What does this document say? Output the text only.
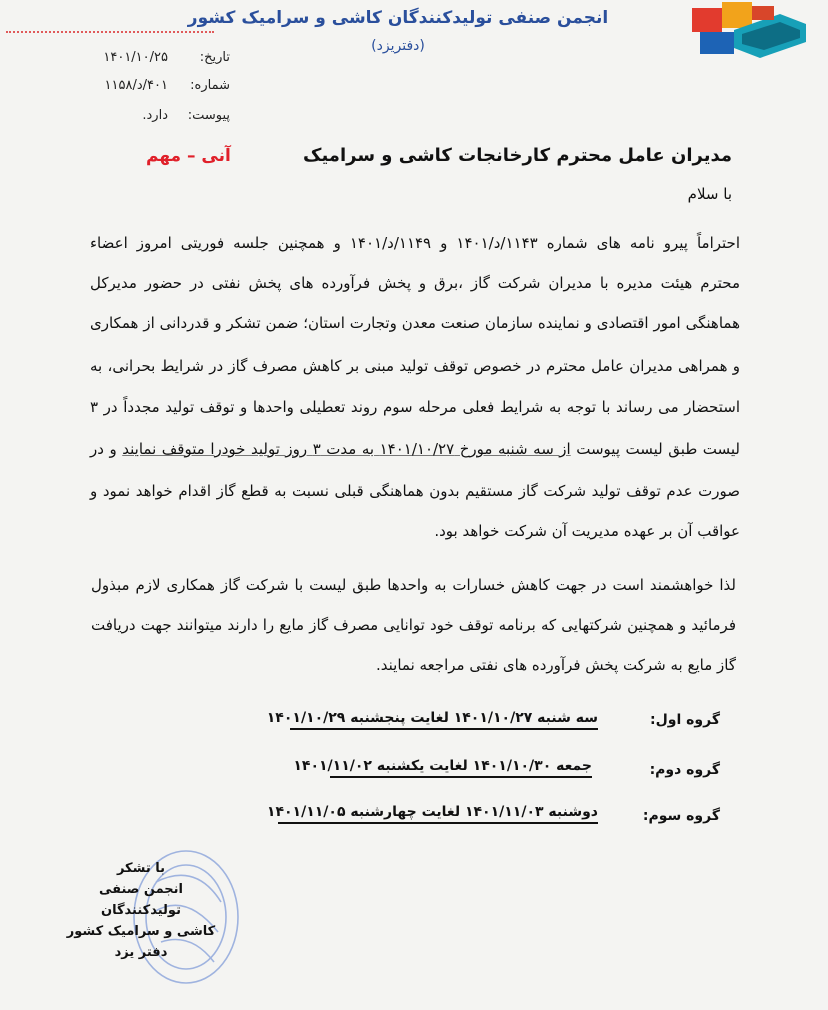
انجمن صنفی تولیدکنندگان کاشی و سرامیک کشور
(دفتریزد)
تاریخ:
۱۴۰۱/۱۰/۲۵
شماره:
۴۰۱/د/۱۱۵۸
پیوست:
دارد.
آنی – مهم	مدیران عامل محترم کارخانجات کاشی و سرامیک
با سلام
احتراماً پیرو نامه های شماره ۱۱۴۳/د/۱۴۰۱ و ۱۱۴۹/د/۱۴۰۱ و همچنین جلسه فوریتی امروز اعضاء
محترم هیئت مدیره با مدیران شرکت گاز ،برق و پخش فرآورده های پخش نفتی در حضور مدیرکل
هماهنگی امور اقتصادی و نماینده سازمان صنعت معدن وتجارت استان؛ ضمن تشکر و قدردانی از همکاری
و همراهی مدیران عامل محترم در خصوص توقف تولید مبنی بر کاهش مصرف گاز در شرایط بحرانی، به
استحضار می رساند با توجه به شرایط فعلی مرحله سوم روند تعطیلی واحدها و توقف تولید مجدداً در ۳
لیست طبق لیست پیوست از سه شنبه مورخ ۱۴۰۱/۱۰/۲۷ به مدت ۳ روز تولید خودرا متوقف نمایند و در
صورت عدم توقف تولید شرکت گاز مستقیم بدون هماهنگی قبلی نسبت به قطع گاز اقدام خواهد نمود و
عواقب آن بر عهده مدیریت آن شرکت خواهد بود.
لذا خواهشمند است در جهت کاهش خسارات به واحدها طبق لیست با شرکت گاز همکاری لازم مبذول
فرمائید و همچنین شرکتهایی که برنامه توقف خود توانایی مصرف گاز مایع را دارند میتوانند جهت دریافت
گاز مایع به شرکت پخش فرآورده های نفتی مراجعه نمایند.
گروه اول:
سه شنبه ۱۴۰۱/۱۰/۲۷ لغایت پنجشنبه ۱۴۰۱/۱۰/۲۹
گروه دوم:
جمعه ۱۴۰۱/۱۰/۳۰ لغایت یکشنبه ۱۴۰۱/۱۱/۰۲
گروه سوم:
دوشنبه ۱۴۰۱/۱۱/۰۳ لغایت چهارشنبه ۱۴۰۱/۱۱/۰۵
با تشکر
انجمن صنفی تولیدکنندگان
کاشی و سرامیک کشور
دفتر یزد
